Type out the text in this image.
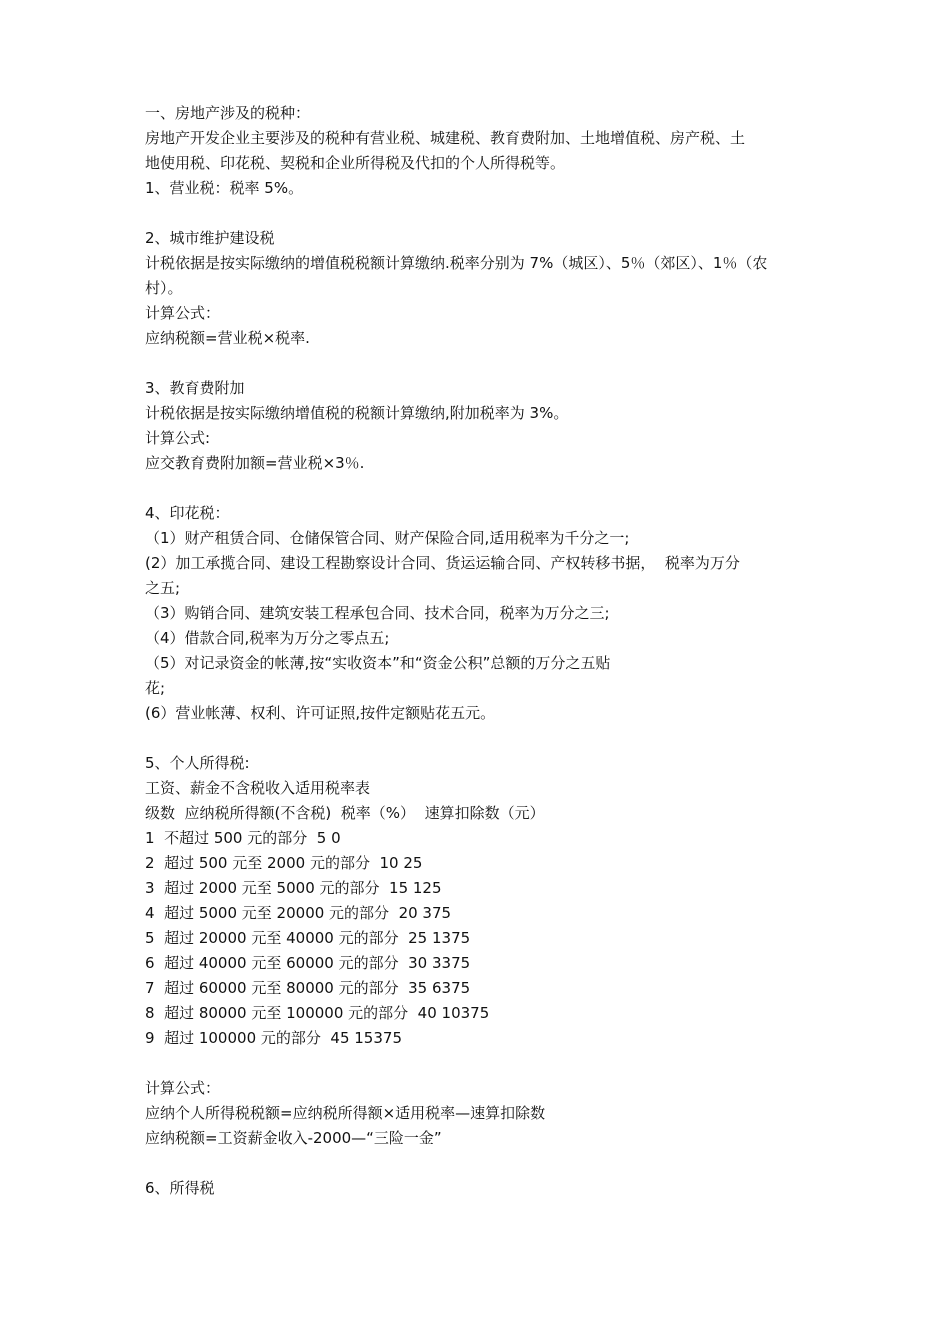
一、房地产涉及的税种：
房地产开发企业主要涉及的税种有营业税、城建税、教育费附加、土地增值税、房产税、土
地使用税、印花税、契税和企业所得税及代扣的个人所得税等。
1、营业税：税率 5%。
2、城市维护建设税
计税依据是按实际缴纳的增值税税额计算缴纳.税率分别为 7%（城区）、5％（郊区）、1％（农
村）。
计算公式：
应纳税额=营业税×税率.
3、教育费附加
计税依据是按实际缴纳增值税的税额计算缴纳,附加税率为 3%。
计算公式:
应交教育费附加额=营业税×3％.
4、印花税：
（1）财产租赁合同、仓储保管合同、财产保险合同,适用税率为千分之一;
(2）加工承揽合同、建设工程勘察设计合同、货运运输合同、产权转移书据，  税率为万分
之五;
（3）购销合同、建筑安装工程承包合同、技术合同，税率为万分之三;
（4）借款合同,税率为万分之零点五;
（5）对记录资金的帐薄,按“实收资本”和“资金公积”总额的万分之五贴
花;
(6）营业帐薄、权利、许可证照,按件定额贴花五元。
5、个人所得税:
工资、薪金不含税收入适用税率表
级数  应纳税所得额(不含税)  税率（%）  速算扣除数（元）
1  不超过 500 元的部分  5 0
2  超过 500 元至 2000 元的部分  10 25
3  超过 2000 元至 5000 元的部分  15 125
4  超过 5000 元至 20000 元的部分  20 375
5  超过 20000 元至 40000 元的部分  25 1375
6  超过 40000 元至 60000 元的部分  30 3375
7  超过 60000 元至 80000 元的部分  35 6375
8  超过 80000 元至 100000 元的部分  40 10375
9  超过 100000 元的部分  45 15375
计算公式：
应纳个人所得税税额=应纳税所得额×适用税率—速算扣除数
应纳税额=工资薪金收入-2000—“三险一金”
6、所得税
